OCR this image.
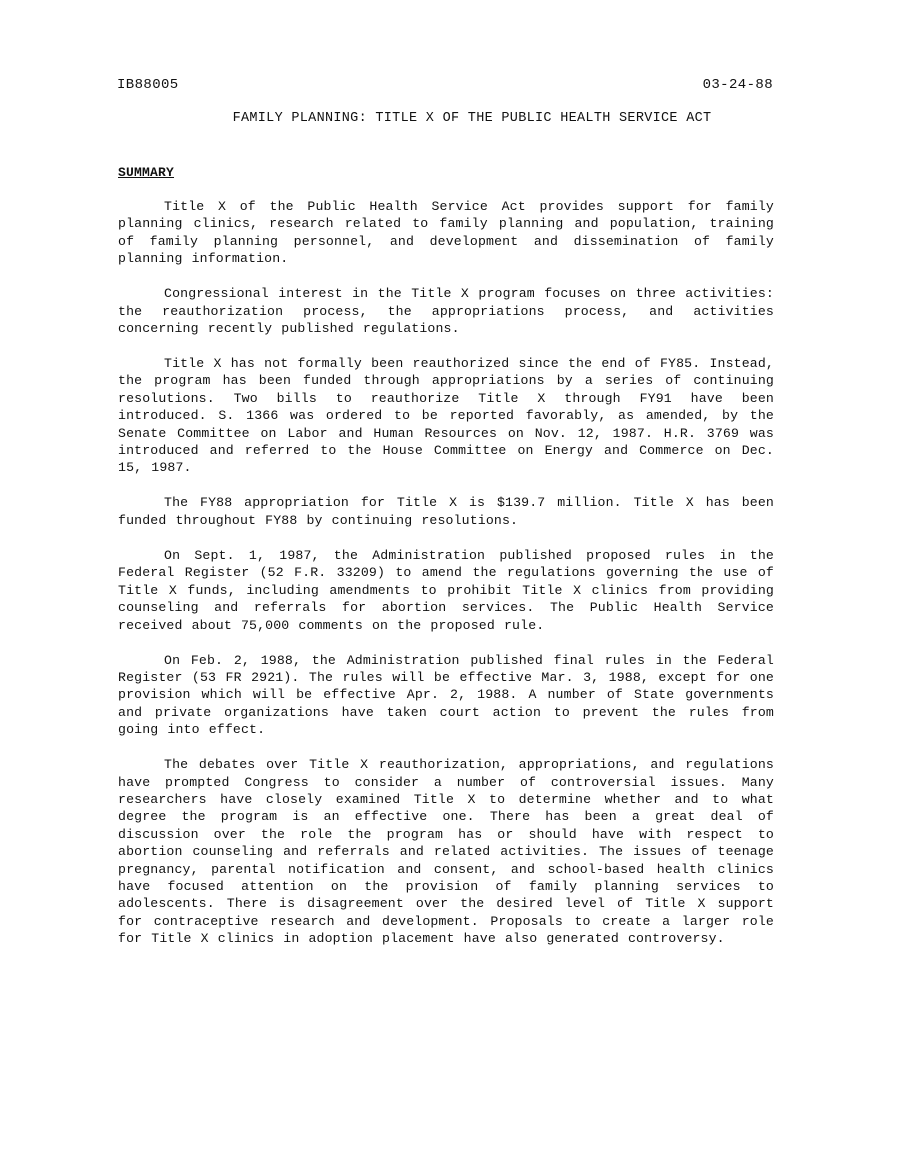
IB88005	03-24-88
FAMILY PLANNING: TITLE X OF THE PUBLIC HEALTH SERVICE ACT
SUMMARY

Title X of the Public Health Service Act provides support for family planning clinics, research related to family planning and population, training of family planning personnel, and development and dissemination of family planning information.

Congressional interest in the Title X program focuses on three activities: the reauthorization process, the appropriations process, and activities concerning recently published regulations.

Title X has not formally been reauthorized since the end of FY85. Instead, the program has been funded through appropriations by a series of continuing resolutions. Two bills to reauthorize Title X through FY91 have been introduced. S. 1366 was ordered to be reported favorably, as amended, by the Senate Committee on Labor and Human Resources on Nov. 12, 1987. H.R. 3769 was introduced and referred to the House Committee on Energy and Commerce on Dec. 15, 1987.

The FY88 appropriation for Title X is $139.7 million. Title X has been funded throughout FY88 by continuing resolutions.

On Sept. 1, 1987, the Administration published proposed rules in the Federal Register (52 F.R. 33209) to amend the regulations governing the use of Title X funds, including amendments to prohibit Title X clinics from providing counseling and referrals for abortion services. The Public Health Service received about 75,000 comments on the proposed rule.

On Feb. 2, 1988, the Administration published final rules in the Federal Register (53 FR 2921). The rules will be effective Mar. 3, 1988, except for one provision which will be effective Apr. 2, 1988. A number of State governments and private organizations have taken court action to prevent the rules from going into effect.

The debates over Title X reauthorization, appropriations, and regulations have prompted Congress to consider a number of controversial issues. Many researchers have closely examined Title X to determine whether and to what degree the program is an effective one. There has been a great deal of discussion over the role the program has or should have with respect to abortion counseling and referrals and related activities. The issues of teenage pregnancy, parental notification and consent, and school-based health clinics have focused attention on the provision of family planning services to adolescents. There is disagreement over the desired level of Title X support for contraceptive research and development. Proposals to create a larger role for Title X clinics in adoption placement have also generated controversy.
